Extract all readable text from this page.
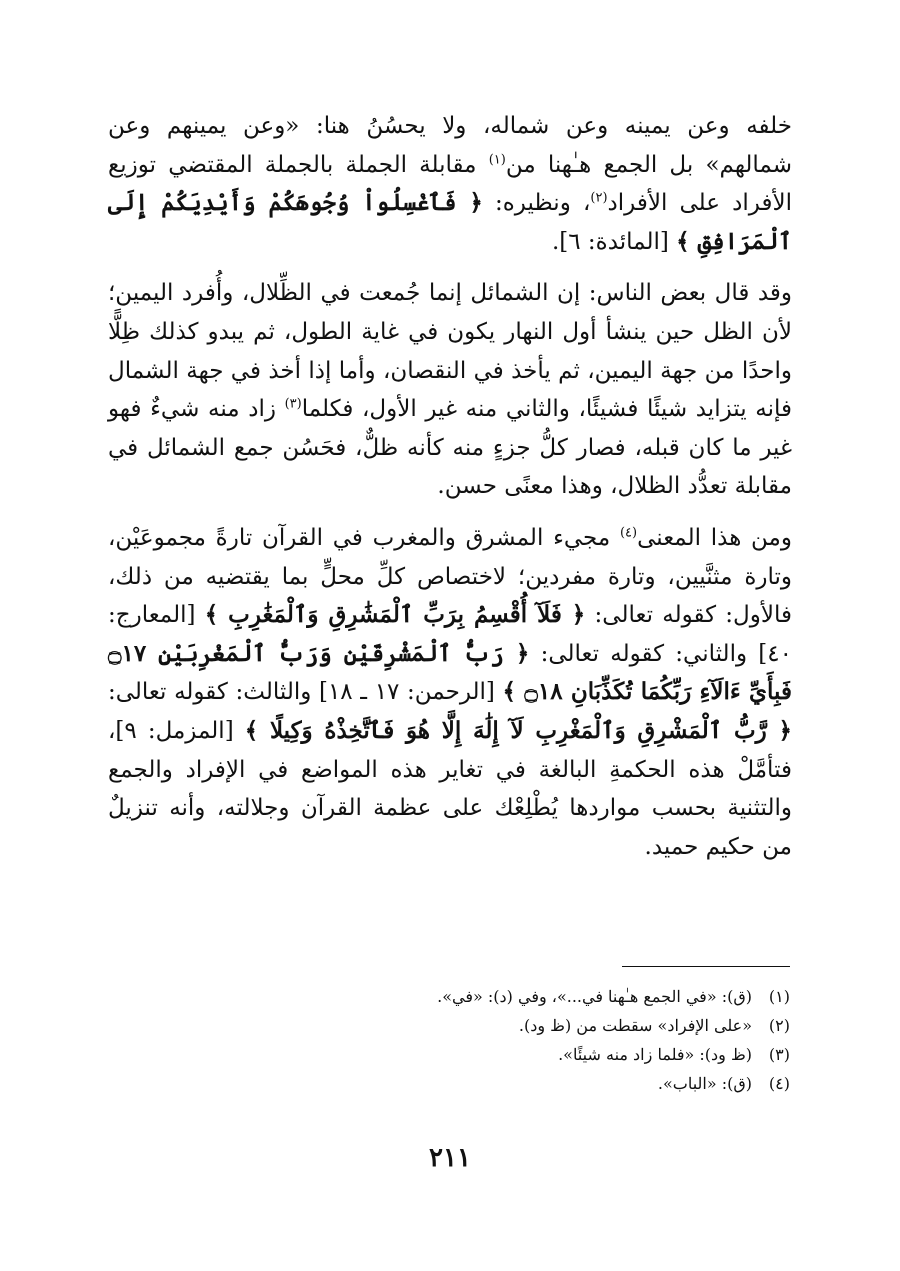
خلفه وعن يمينه وعن شماله، ولا يحسُنُ هنا: «وعن يمينهم وعن شمالهم» بل الجمع هـٰهنا من$^{(١)}$ مقابلة الجملة بالجملة المقتضي توزيع الأفراد على الأفراد$^{(٢)}$، ونظيره: ﴿ فَٱغْسِلُواْ وُجُوهَكُمْ وَأَيْدِيَكُمْ إِلَى ٱلْمَرَافِقِ ﴾ [المائدة: ٦].

وقد قال بعض الناس: إن الشمائل إنما جُمعت في الظِّلال، وأُفرد اليمين؛ لأن الظل حين ينشأ أول النهار يكون في غاية الطول، ثم يبدو كذلك ظِلًّا واحدًا من جهة اليمين، ثم يأخذ في النقصان، وأما إذا أخذ في جهة الشمال فإنه يتزايد شيئًا فشيئًا، والثاني منه غير الأول، فكلما$^{(٣)}$ زاد منه شيءٌ فهو غير ما كان قبله، فصار كلُّ جزءٍ منه كأنه ظلٌّ، فحَسُن جمع الشمائل في مقابلة تعدُّد الظلال، وهذا معنًى حسن.

ومن هذا المعنى$^{(٤)}$ مجيء المشرق والمغرب في القرآن تارةً مجموعَيْن، وتارة مثنَّيين، وتارة مفردين؛ لاختصاص كلِّ محلٍّ بما يقتضيه من ذلك، فالأول: كقوله تعالى: ﴿ فَلَآ أُقْسِمُ بِرَبِّ ٱلْمَشَٰرِقِ وَٱلْمَغَٰرِبِ ﴾ [المعارج: ٤٠] والثاني: كقوله تعالى: ﴿ رَبُّ ٱلْمَشْرِقَيْنِ وَرَبُّ ٱلْمَغْرِبَيْنِ ۝١٧ فَبِأَيِّ ءَالَآءِ رَبِّكُمَا تُكَذِّبَانِ ۝١٨ ﴾ [الرحمن: ١٧ ـ ١٨] والثالث: كقوله تعالى: ﴿ رَّبُّ ٱلْمَشْرِقِ وَٱلْمَغْرِبِ لَآ إِلَٰهَ إِلَّا هُوَ فَٱتَّخِذْهُ وَكِيلًا ﴾ [المزمل: ٩]، فتأمَّلْ هذه الحكمةِ البالغة في تغاير هذه المواضع في الإفراد والجمع والتثنية بحسب مواردها يُطْلِعْك على عظمة القرآن وجلالته، وأنه تنزيلٌ من حكيم حميد.

(١)
(ق): «في الجمع هـٰهنا في...»، وفي (د): «في».
(٢)
«على الإفراد» سقطت من (ظ ود).
(٣)
(ظ ود): «فلما زاد منه شيئًا».
(٤)
(ق): «الباب».
٢١١
